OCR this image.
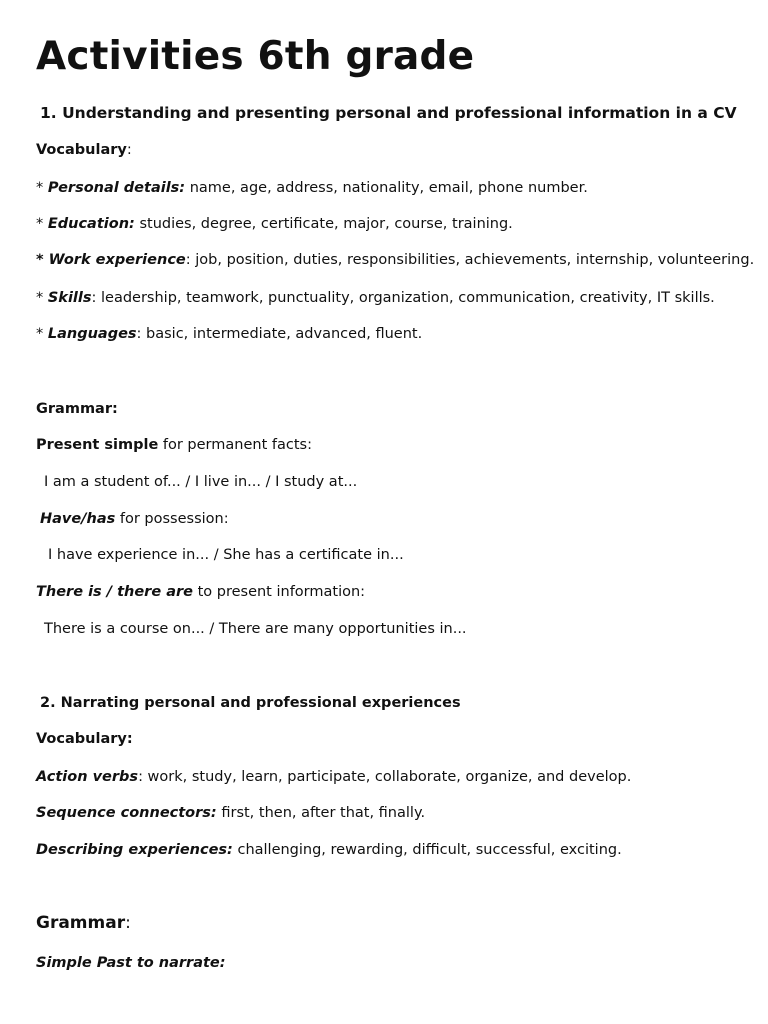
Activities 6th grade
1. Understanding and presenting personal and professional information in a CV
Vocabulary:
* Personal details: name, age, address, nationality, email, phone number.
* Education: studies, degree, certificate, major, course, training.
* Work experience: job, position, duties, responsibilities, achievements, internship, volunteering.
* Skills: leadership, teamwork, punctuality, organization, communication, creativity, IT skills.
* Languages: basic, intermediate, advanced, fluent.
Grammar:
Present simple for permanent facts:
I am a student of... / I live in... / I study at...
Have/has for possession:
I have experience in... / She has a certificate in...
There is / there are to present information:
There is a course on... / There are many opportunities in...
2. Narrating personal and professional experiences
Vocabulary:
Action verbs: work, study, learn, participate, collaborate, organize, and develop.
Sequence connectors: first, then, after that, finally.
Describing experiences: challenging, rewarding, difficult, successful, exciting.
Grammar:
Simple Past to narrate:
